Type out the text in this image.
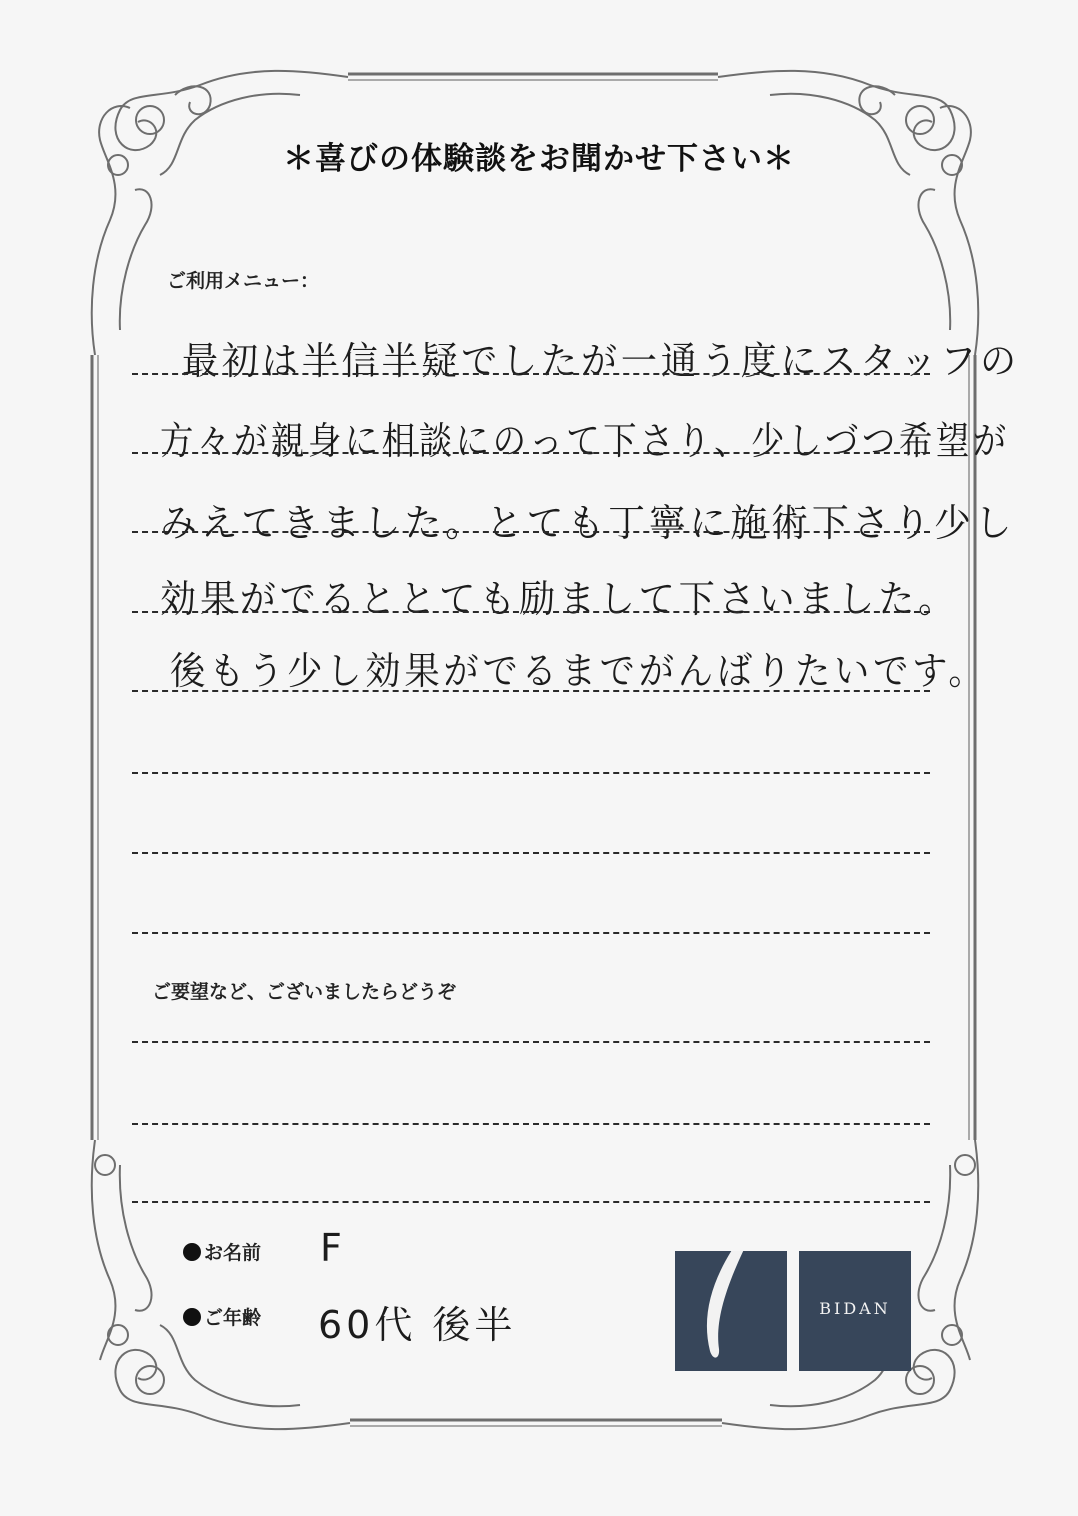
＊喜びの体験談をお聞かせ下さい＊
ご利用メニュー：
最初は半信半疑でしたが一通う度にスタッフの
方々が親身に相談にのって下さり、少しづつ希望が
みえてきました。とても丁寧に施術下さり少し
効果がでるととても励まして下さいました。
後もう少し効果がでるまでがんばりたいです。
ご要望など、ございましたらどうぞ
お名前 F
ご年齢 60代 後半	BIDAN
